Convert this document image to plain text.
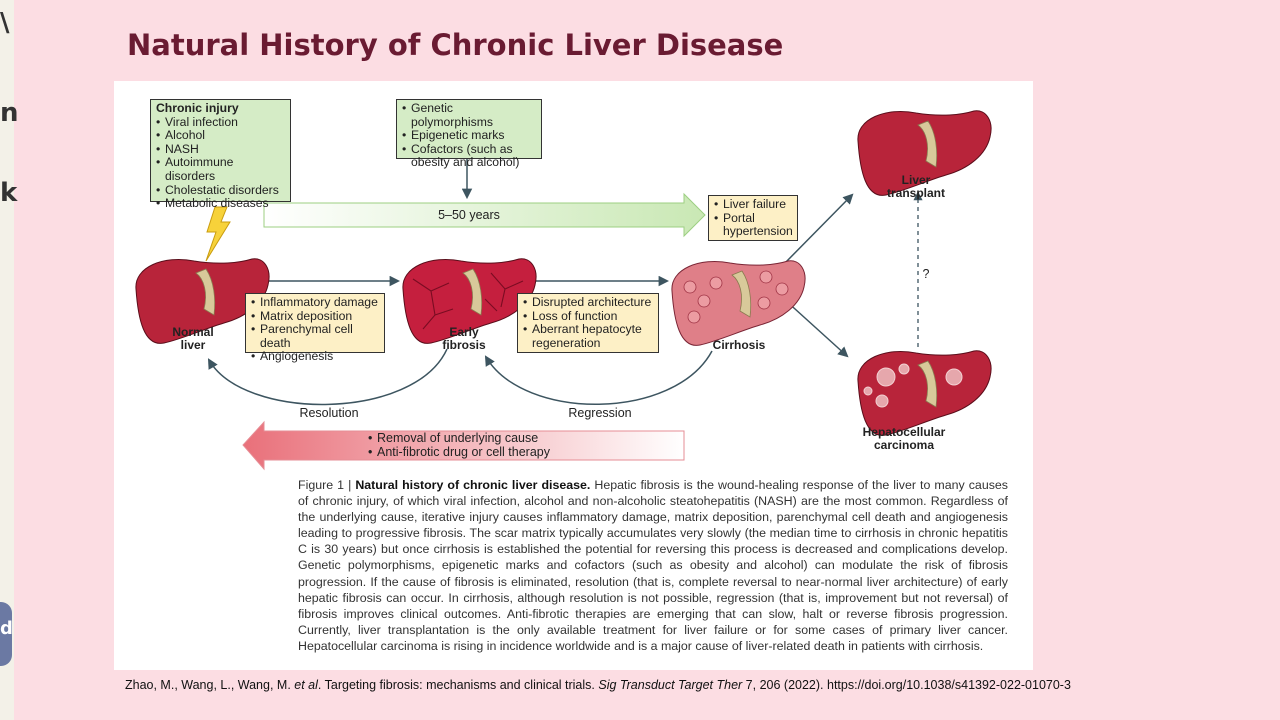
\
n
k
d
Natural History of Chronic Liver Disease
Chronic injury
• Viral infection
• Alcohol
• NASH
• Autoimmune disorders
• Cholestatic disorders
• Metabolic diseases
• Genetic polymorphisms
• Epigenetic marks
• Cofactors (such as obesity and alcohol)
5–50 years
• Liver failure
• Portal hypertension
• Inflammatory damage
• Matrix deposition
• Parenchymal cell death
• Angiogenesis
• Disrupted architecture
• Loss of function
• Aberrant hepatocyte regeneration
Normal liver
Early fibrosis	Cirrhosis
Liver transplant
Hepatocellular carcinoma
?
Resolution	Regression
• Removal of underlying cause
• Anti-fibrotic drug or cell therapy
Figure 1 | Natural history of chronic liver disease. Hepatic fibrosis is the wound-healing response of the liver to many causes of chronic injury, of which viral infection, alcohol and non-alcoholic steatohepatitis (NASH) are the most common. Regardless of the underlying cause, iterative injury causes inflammatory damage, matrix deposition, parenchymal cell death and angiogenesis leading to progressive fibrosis. The scar matrix typically accumulates very slowly (the median time to cirrhosis in chronic hepatitis C is 30 years) but once cirrhosis is established the potential for reversing this process is decreased and complications develop. Genetic polymorphisms, epigenetic marks and cofactors (such as obesity and alcohol) can modulate the risk of fibrosis progression. If the cause of fibrosis is eliminated, resolution (that is, complete reversal to near-normal liver architecture) of early hepatic fibrosis can occur. In cirrhosis, although resolution is not possible, regression (that is, improvement but not reversal) of fibrosis improves clinical outcomes. Anti-fibrotic therapies are emerging that can slow, halt or reverse fibrosis progression. Currently, liver transplantation is the only available treatment for liver failure or for some cases of primary liver cancer. Hepatocellular carcinoma is rising in incidence worldwide and is a major cause of liver-related death in patients with cirrhosis.
Zhao, M., Wang, L., Wang, M. et al. Targeting fibrosis: mechanisms and clinical trials. Sig Transduct Target Ther 7, 206 (2022). https://doi.org/10.1038/s41392-022-01070-3
